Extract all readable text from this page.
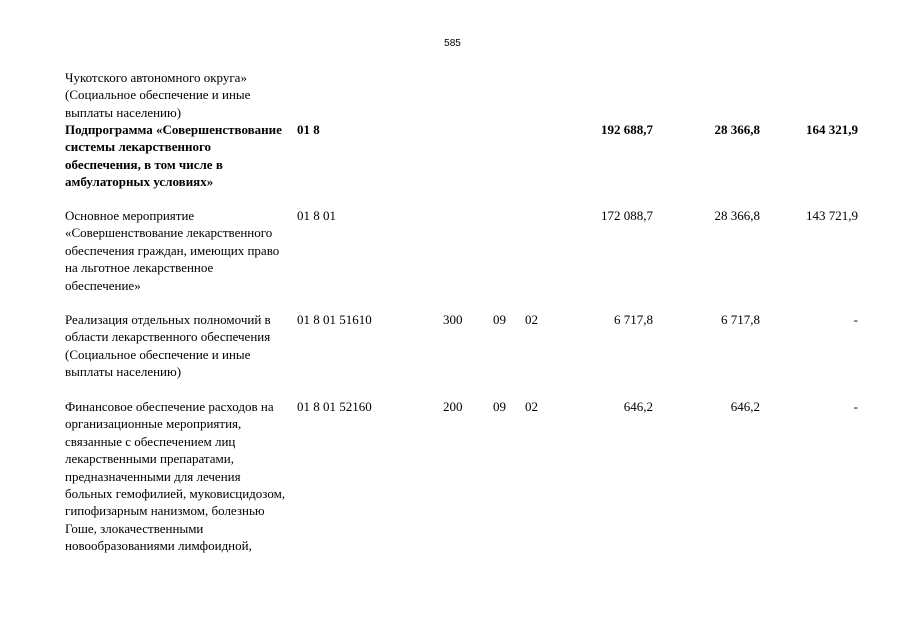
585
Чукотского автономного округа» (Социальное обеспечение и иные выплаты населению)
Подпрограмма «Совершенствование системы лекарственного обеспечения, в том числе в амбулаторных условиях»
01 8	192 688,7	28 366,8	164 321,9
Основное мероприятие «Совершенствование лекарственного обеспечения граждан, имеющих право на льготное лекарственное обеспечение»
01 8 01	172 088,7	28 366,8	143 721,9
Реализация отдельных полномочий в области лекарственного обеспечения (Социальное обеспечение и иные выплаты населению)
01 8 01 51610	300 09 02	6 717,8	6 717,8	-
Финансовое обеспечение расходов на организационные мероприятия, связанные с обеспечением лиц лекарственными препаратами, предназначенными для лечения больных гемофилией, муковисцидозом, гипофизарным нанизмом, болезнью Гоше, злокачественными новообразованиями лимфоидной,
01 8 01 52160	200 09 02	646,2	646,2	-
